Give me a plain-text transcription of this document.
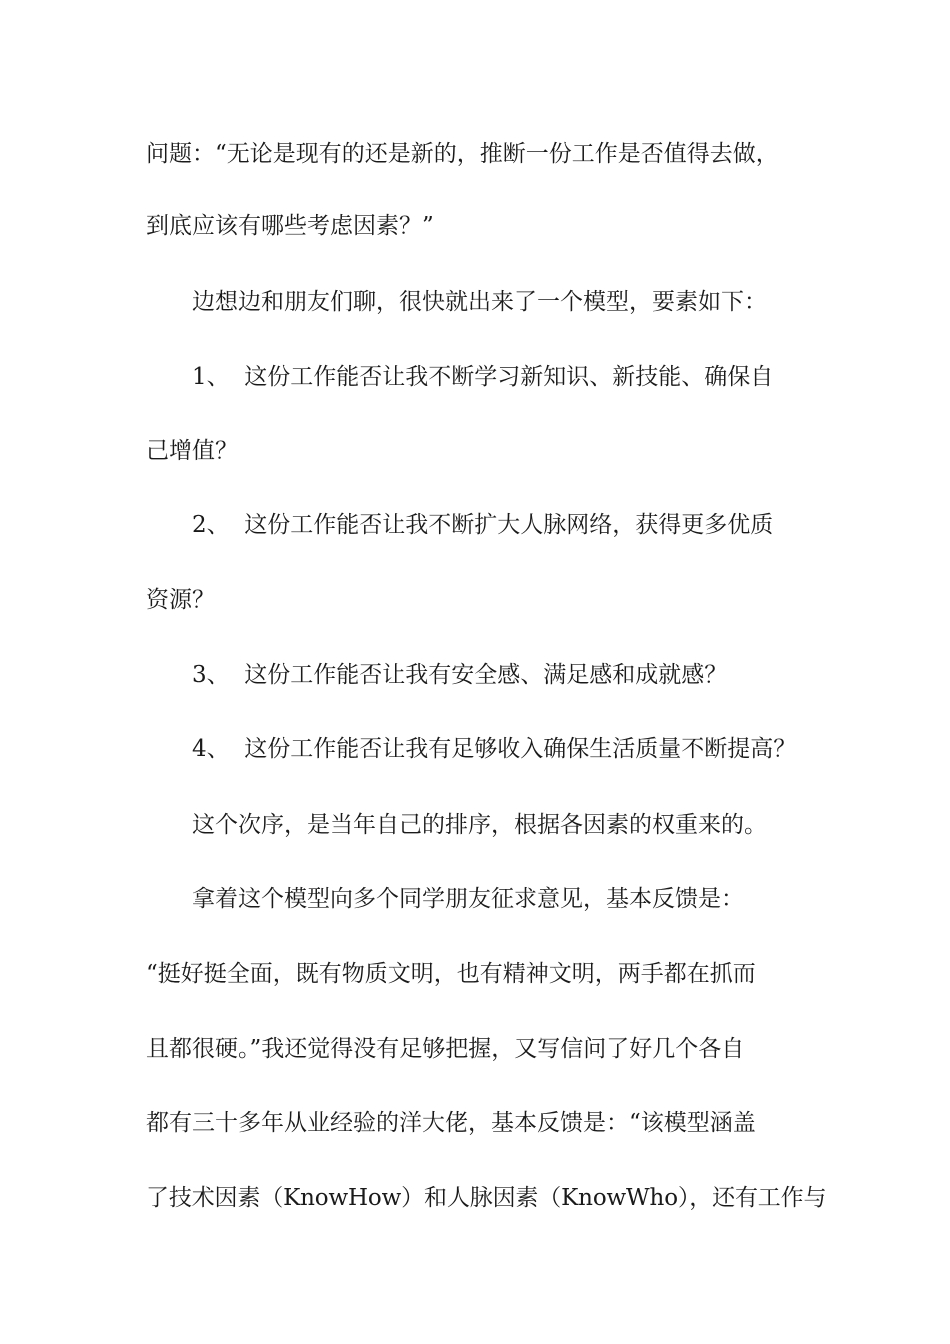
问题：“无论是现有的还是新的，推断一份工作是否值得去做，
到底应该有哪些考虑因素？”
边想边和朋友们聊，很快就出来了一个模型，要素如下：
1、  这份工作能否让我不断学习新知识、新技能、确保自
己增值？
2、  这份工作能否让我不断扩大人脉网络，获得更多优质
资源？
3、  这份工作能否让我有安全感、满足感和成就感？
4、  这份工作能否让我有足够收入确保生活质量不断提高？
这个次序，是当年自己的排序，根据各因素的权重来的。
拿着这个模型向多个同学朋友征求意见，基本反馈是：
“挺好挺全面，既有物质文明，也有精神文明，两手都在抓而
且都很硬。”我还觉得没有足够把握，又写信问了好几个各自
都有三十多年从业经验的洋大佬，基本反馈是：“该模型涵盖
了技术因素（KnowHow）和人脉因素（KnowWho），还有工作与
